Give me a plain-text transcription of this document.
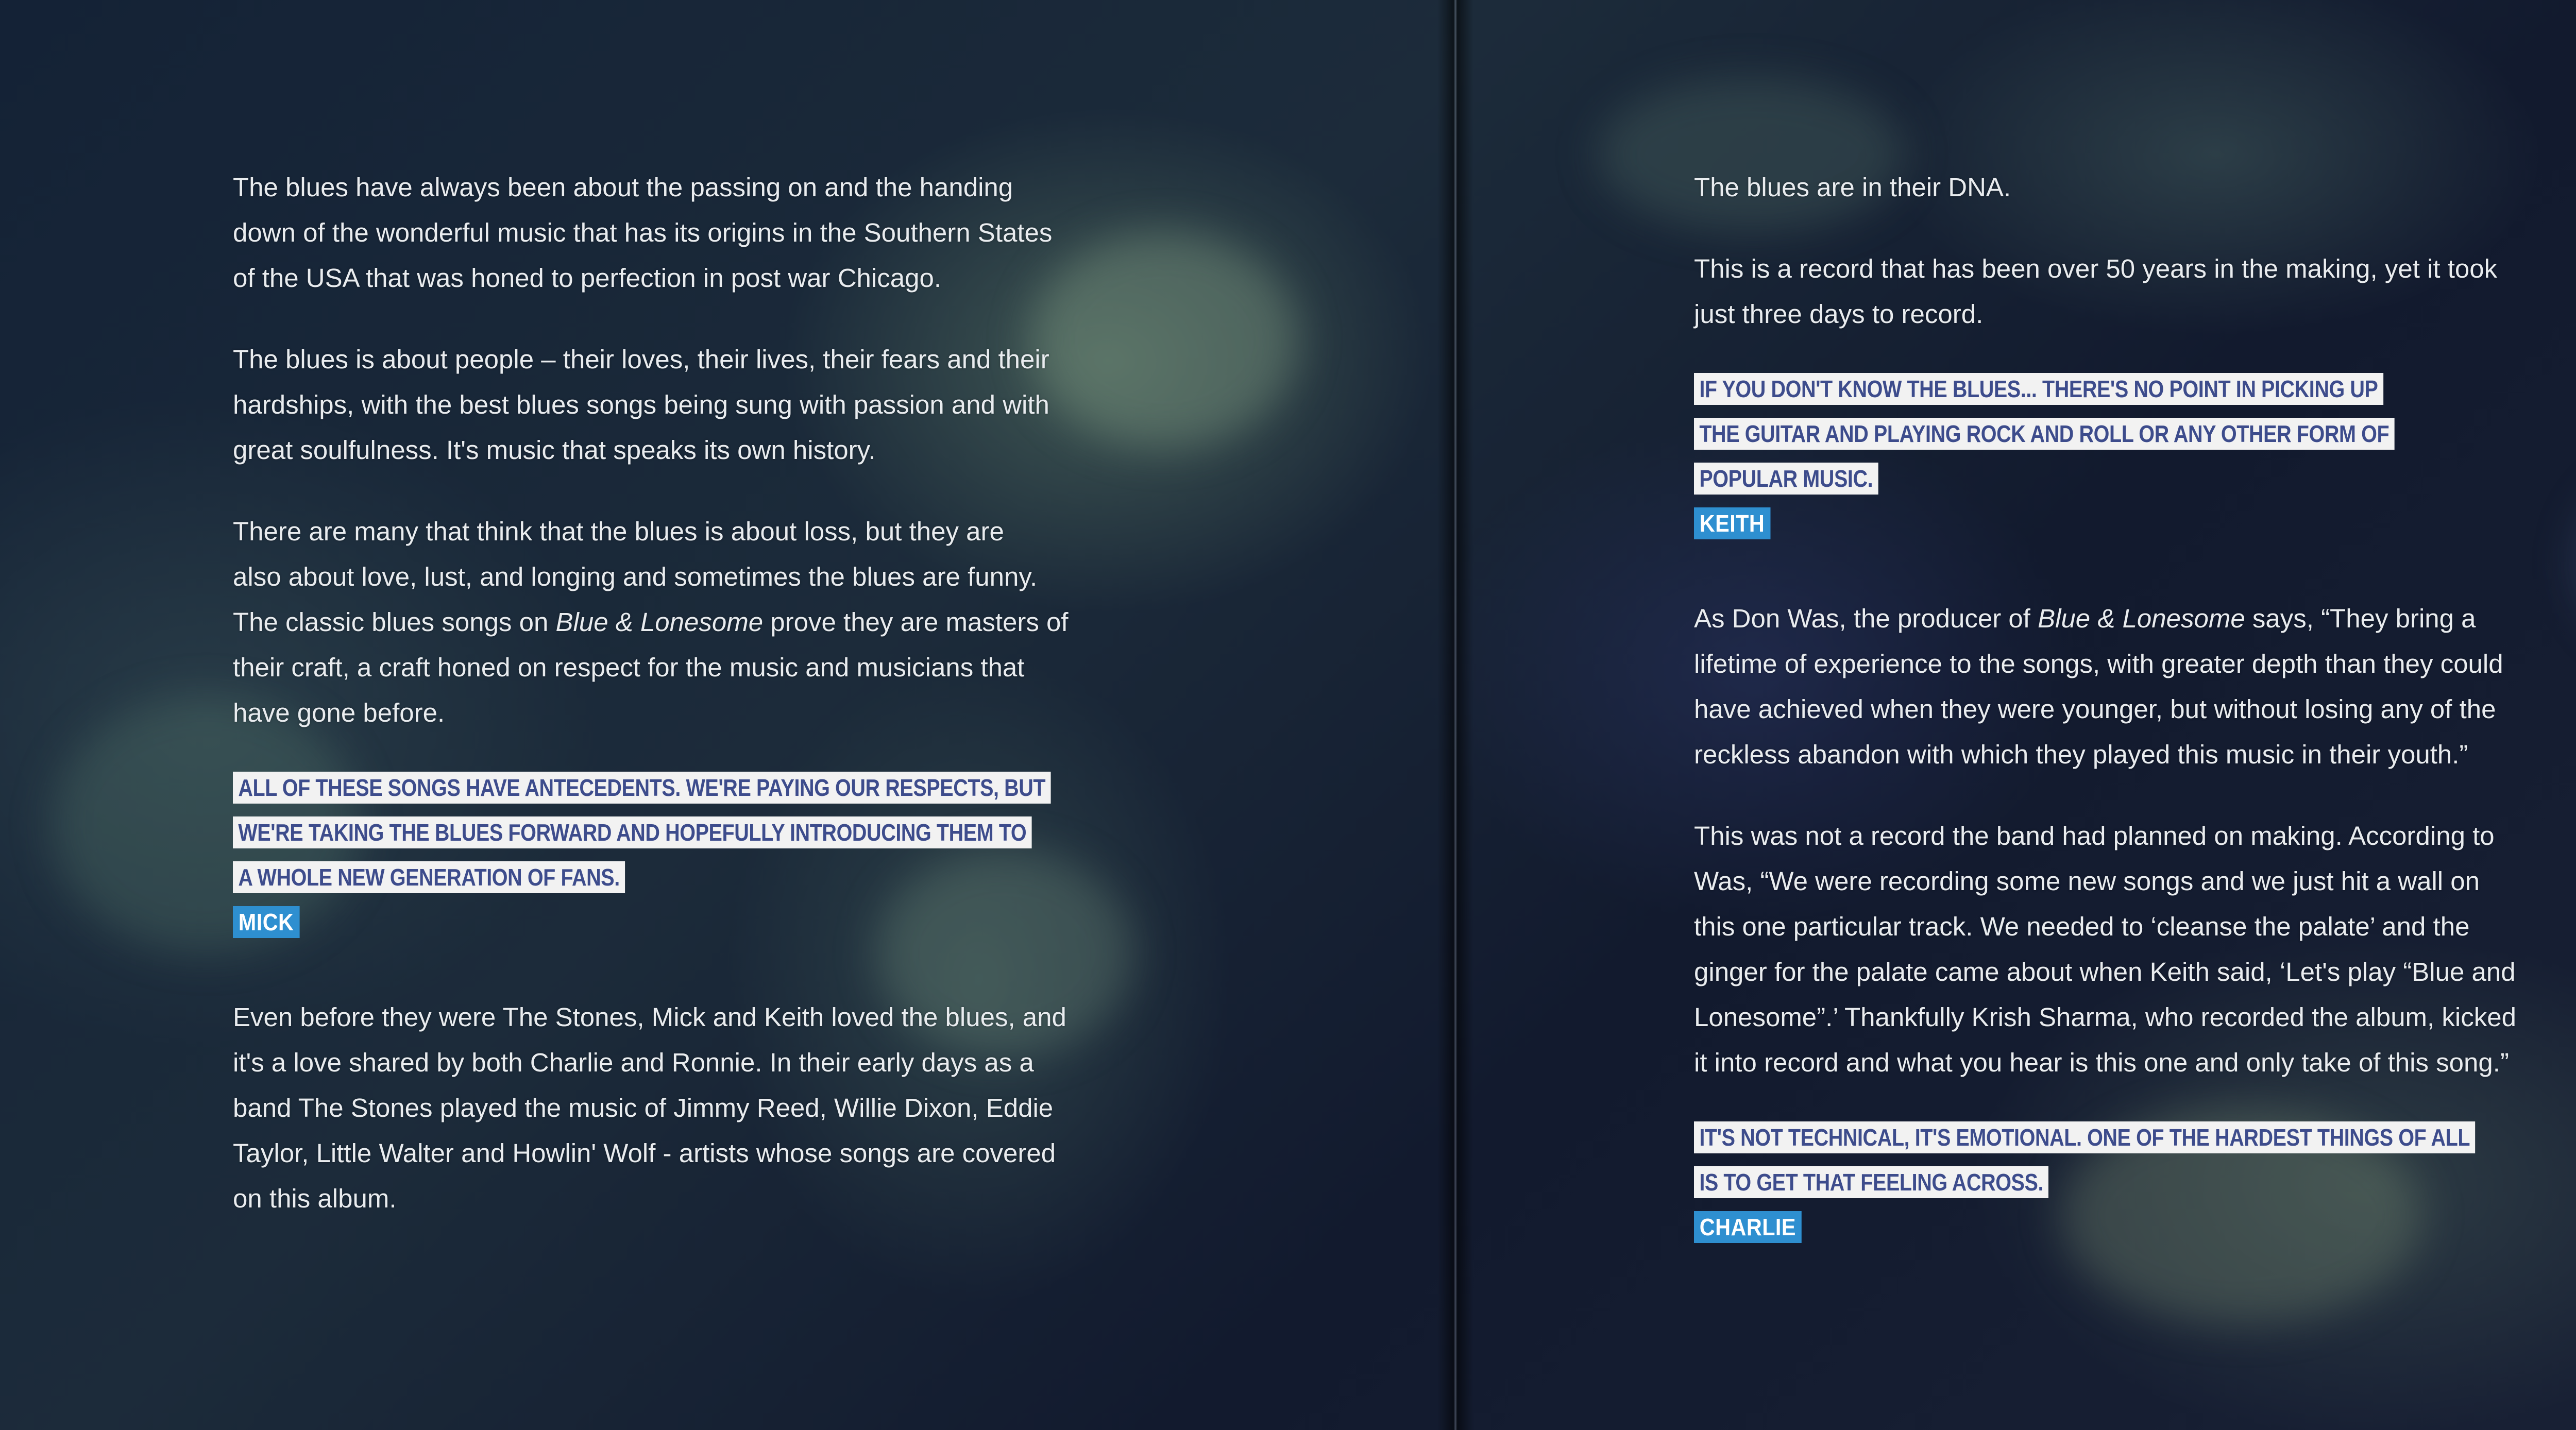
The blues have always been about the passing on and the handing
down of the wonderful music that has its origins in the Southern States
of the USA that was honed to perfection in post war Chicago.

The blues is about people – their loves, their lives, their fears and their
hardships, with the best blues songs being sung with passion and with
great soulfulness. It's music that speaks its own history.

There are many that think that the blues is about loss, but they are
also about love, lust, and longing and sometimes the blues are funny.
The classic blues songs on Blue & Lonesome prove they are masters of
their craft, a craft honed on respect for the music and musicians that
have gone before.

ALL OF THESE SONGS HAVE ANTECEDENTS. WE'RE PAYING OUR RESPECTS, BUT
WE'RE TAKING THE BLUES FORWARD AND HOPEFULLY INTRODUCING THEM TO
A WHOLE NEW GENERATION OF FANS.
MICK

Even before they were The Stones, Mick and Keith loved the blues, and
it's a love shared by both Charlie and Ronnie. In their early days as a
band The Stones played the music of Jimmy Reed, Willie Dixon, Eddie
Taylor, Little Walter and Howlin' Wolf - artists whose songs are covered
on this album.

The blues are in their DNA.

This is a record that has been over 50 years in the making, yet it took
just three days to record.

IF YOU DON'T KNOW THE BLUES... THERE'S NO POINT IN PICKING UP
THE GUITAR AND PLAYING ROCK AND ROLL OR ANY OTHER FORM OF
POPULAR MUSIC.
KEITH

As Don Was, the producer of Blue & Lonesome says, “They bring a
lifetime of experience to the songs, with greater depth than they could
have achieved when they were younger, but without losing any of the
reckless abandon with which they played this music in their youth.”

This was not a record the band had planned on making. According to
Was, “We were recording some new songs and we just hit a wall on
this one particular track. We needed to ‘cleanse the palate’ and the
ginger for the palate came about when Keith said, ‘Let's play “Blue and
Lonesome”.’ Thankfully Krish Sharma, who recorded the album, kicked
it into record and what you hear is this one and only take of this song.”

IT'S NOT TECHNICAL, IT'S EMOTIONAL. ONE OF THE HARDEST THINGS OF ALL
IS TO GET THAT FEELING ACROSS.
CHARLIE
